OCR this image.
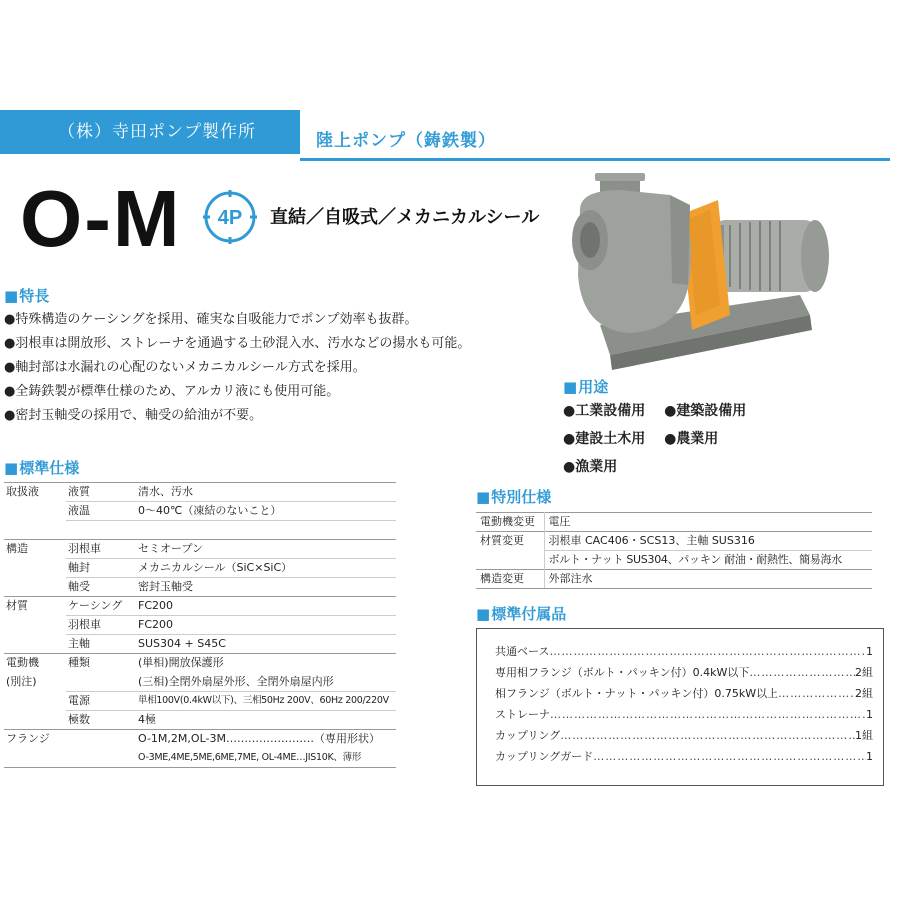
（株）寺田ポンプ製作所	陸上ポンプ（鋳鉄製）
O-M 4P 直結／自吸式／メカニカルシール
■ 特長
● 特殊構造のケーシングを採用、確実な自吸能力でポンプ効率も抜群。
● 羽根車は開放形、ストレーナを通過する土砂混入水、汚水などの揚水も可能。
● 軸封部は水漏れの心配のないメカニカルシール方式を採用。
● 全鋳鉄製が標準仕様のため、アルカリ液にも使用可能。
● 密封玉軸受の採用で、軸受の給油が不要。
■ 用途
● 工業設備用 ● 建築設備用
● 建設土木用 ● 農業用
● 漁業用
■ 標準仕様
取扱液	液質	清水、汚水
	液温	0～40℃（凍結のないこと）

構造	羽根車	セミオープン
	軸封	メカニカルシール（SiC×SiC）
	軸受	密封玉軸受
材質	ケーシング	FC200
	羽根車	FC200
	主軸	SUS304 + S45C
電動機	種類	(単相)開放保護形
(別注)		(三相)全閉外扇屋外形、全閉外扇屋内形
	電源	単相100V(0.4kW以下)、三相50Hz 200V、60Hz 200/220V
	極数	4極
フランジ		O-1M,2M,OL-3M……………………（専用形状）
		O-3ME,4ME,5ME,6ME,7ME, OL-4ME…JIS10K、薄形
■ 特別仕様
電動機変更	電圧
材質変更	羽根車 CAC406・SCS13、主軸 SUS316
	ボルト・ナット SUS304、パッキン 耐油・耐熱性、簡易海水
構造変更	外部注水
■ 標準付属品
共通ベース …………………………………………………………………………………………	1
専用相フランジ（ボルト・パッキン付）0.4kW以下 …………………………………………………………………………………………	2組
相フランジ（ボルト・ナット・パッキン付）0.75kW以上 …………………………………………………………………………………………	2組
ストレーナ …………………………………………………………………………………………	1
カップリング …………………………………………………………………………………………	1組
カップリングガード …………………………………………………………………………………………	1
